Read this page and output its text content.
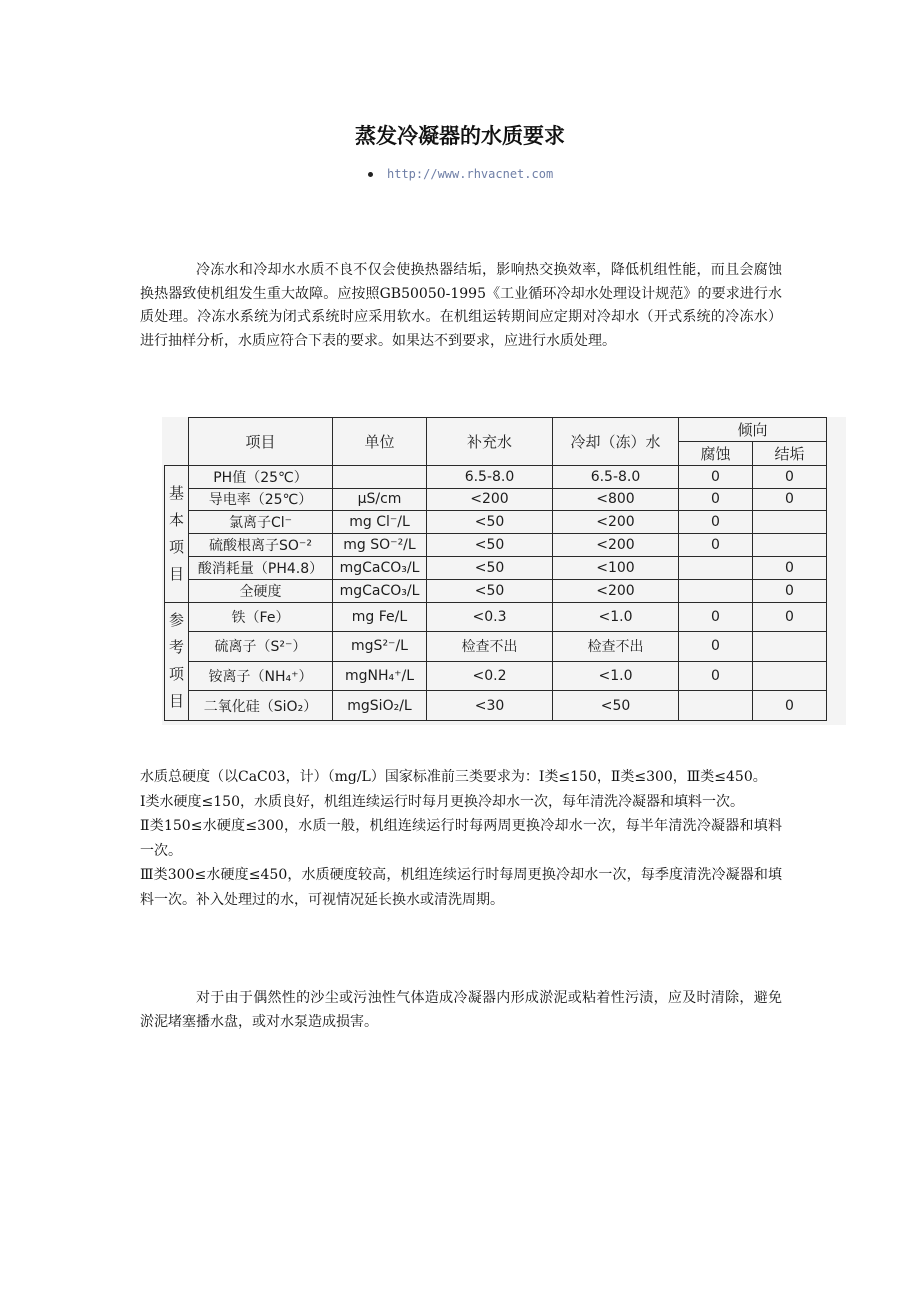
蒸发冷凝器的水质要求
http://www.rhvacnet.com

冷冻水和冷却水水质不良不仅会使换热器结垢，影响热交换效率，降低机组性能，而且会腐蚀换热器致使机组发生重大故障。应按照GB50050-1995《工业循环冷却水处理设计规范》的要求进行水质处理。冷冻水系统为闭式系统时应采用软水。在机组运转期间应定期对冷却水（开式系统的冷冻水）进行抽样分析，水质应符合下表的要求。如果达不到要求，应进行水质处理。

	项目	单位	补充水	冷却（冻）水	倾向	
					腐蚀	结垢

基
本
项
目	PH值（25℃）		6.5-8.0	6.5-8.0	0	0
	导电率（25℃）	μS/cm	<200	<800	0	0
	氯离子Cl⁻	mg Cl⁻/L	<50	<200	0	
	硫酸根离子SO⁻²	mg SO⁻²/L	<50	<200	0	
	酸消耗量（PH4.8）	mgCaCO₃/L	<50	<100		0
	全硬度	mgCaCO₃/L	<50	<200		0

参
考
项
目	铁（Fe）	mg Fe/L	<0.3	<1.0	0	0
	硫离子（S²⁻）	mgS²⁻/L	检查不出	检查不出	0	
	铵离子（NH₄⁺）	mgNH₄⁺/L	<0.2	<1.0	0	
	二氧化硅（SiO₂）	mgSiO₂/L	<30	<50		0
水质总硬度（以CaC03，计）（mg/L）国家标准前三类要求为：Ⅰ类≤150，Ⅱ类≤300，Ⅲ类≤450。
Ⅰ类水硬度≤150，水质良好，机组连续运行时每月更换冷却水一次，每年清洗冷凝器和填料一次。
Ⅱ类150≤水硬度≤300，水质一般，机组连续运行时每两周更换冷却水一次，每半年清洗冷凝器和填料一次。
Ⅲ类300≤水硬度≤450，水质硬度较高，机组连续运行时每周更换冷却水一次，每季度清洗冷凝器和填料一次。补入处理过的水，可视情况延长换水或清洗周期。

对于由于偶然性的沙尘或污浊性气体造成冷凝器内形成淤泥或粘着性污渍，应及时清除，避免淤泥堵塞播水盘，或对水泵造成损害。
